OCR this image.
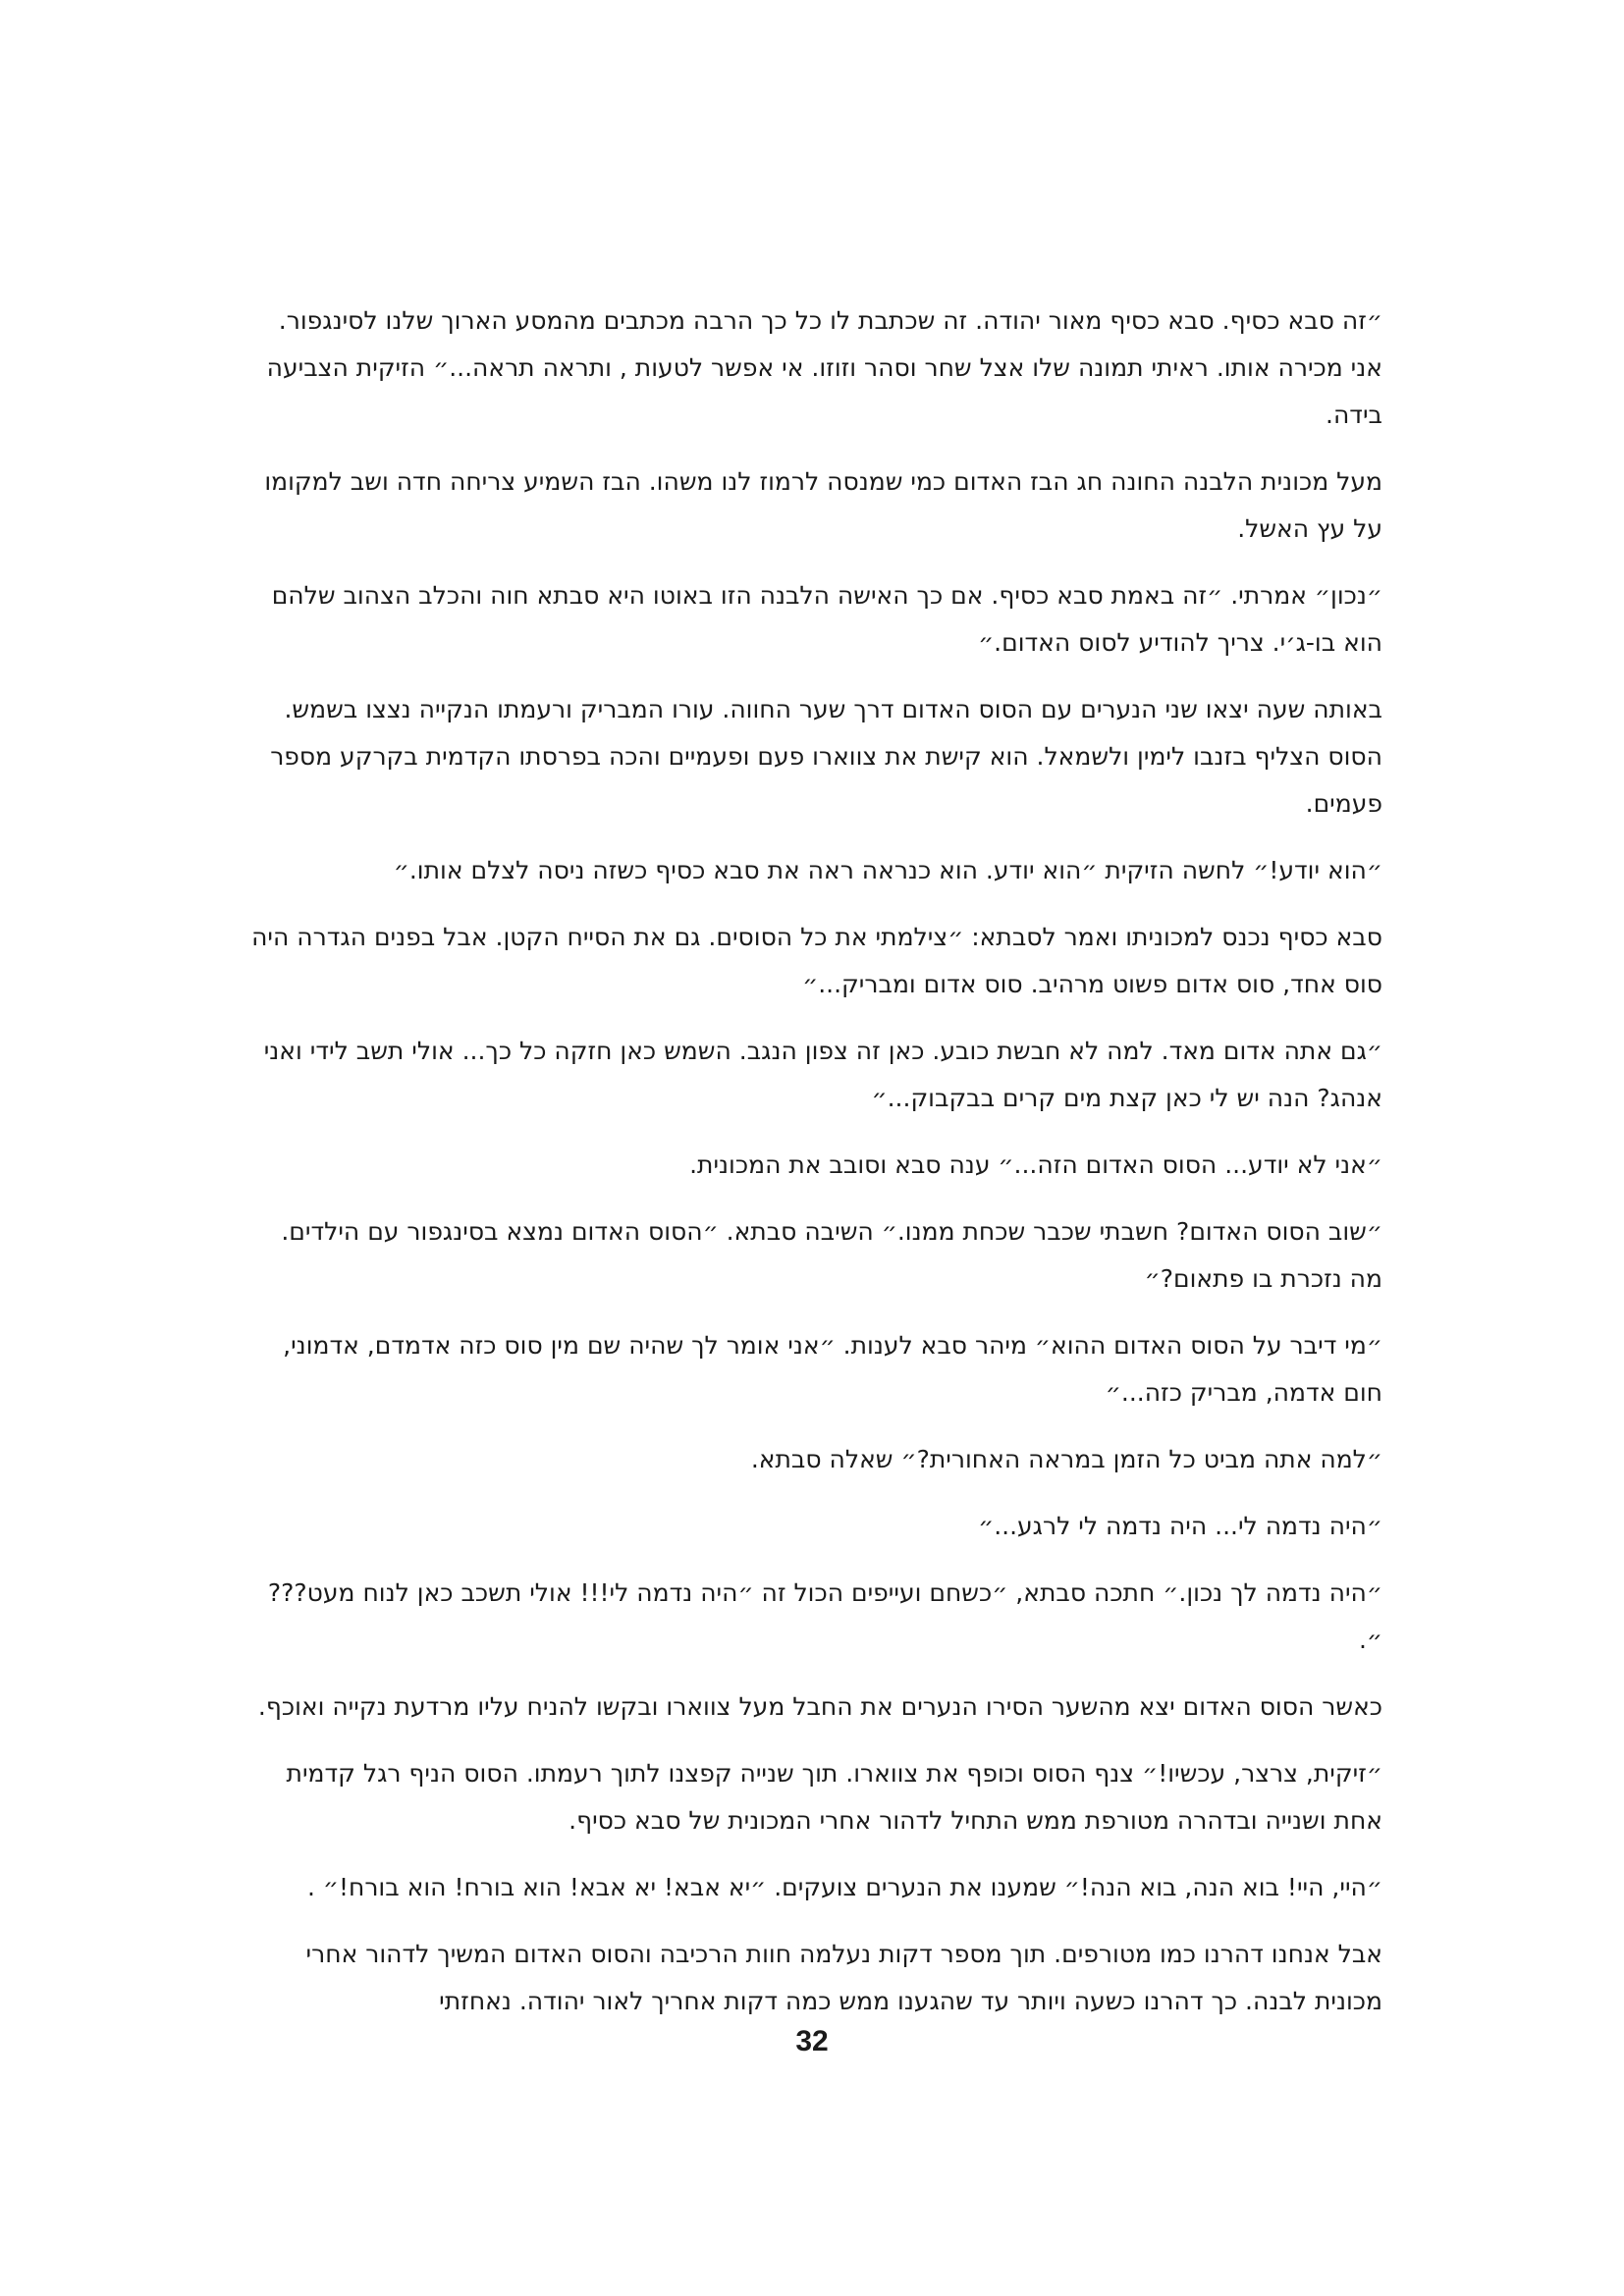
״זה סבא כסיף. סבא כסיף מאור יהודה. זה שכתבת לו כל כך הרבה מכתבים מהמסע הארוך שלנו לסינגפור. אני מכירה אותו. ראיתי תמונה שלו אצל שחר וסהר וזוזו. אי אפשר לטעות , ותראה תראה...״ הזיקית הצביעה בידה.

מעל מכונית הלבנה החונה חג הבז האדום כמי שמנסה לרמוז לנו משהו. הבז השמיע צריחה חדה ושב למקומו על עץ האשל.

״נכון״ אמרתי. ״זה באמת סבא כסיף. אם כך האישה הלבנה הזו באוטו היא סבתא חוה והכלב הצהוב שלהם הוא בו-ג׳י. צריך להודיע לסוס האדום.״

באותה שעה יצאו שני הנערים עם הסוס האדום דרך שער החווה. עורו המבריק ורעמתו הנקייה נצצו בשמש. הסוס הצליף בזנבו לימין ולשמאל. הוא קישת את צווארו פעם ופעמיים והכה בפרסתו הקדמית בקרקע מספר פעמים.

״הוא יודע!״ לחשה הזיקית ״הוא יודע. הוא כנראה ראה את סבא כסיף כשזה ניסה לצלם אותו.״

סבא כסיף נכנס למכוניתו ואמר לסבתא: ״צילמתי את כל הסוסים. גם את הסייח הקטן. אבל בפנים הגדרה היה סוס אחד, סוס אדום פשוט מרהיב. סוס אדום ומבריק...״

״גם אתה אדום מאד. למה לא חבשת כובע. כאן זה צפון הנגב. השמש כאן חזקה כל כך... אולי תשב לידי ואני אנהג? הנה יש לי כאן קצת מים קרים בבקבוק...״

״אני לא יודע... הסוס האדום הזה...״ ענה סבא וסובב את המכונית.

״שוב הסוס האדום? חשבתי שכבר שכחת ממנו.״ השיבה סבתא. ״הסוס האדום נמצא בסינגפור עם הילדים. מה נזכרת בו פתאום?״

״מי דיבר על הסוס האדום ההוא״ מיהר סבא לענות. ״אני אומר לך שהיה שם מין סוס כזה אדמדם, אדמוני, חום אדמה, מבריק כזה...״

״למה אתה מביט כל הזמן במראה האחורית?״ שאלה סבתא.

״היה נדמה לי... היה נדמה לי לרגע...״

״היה נדמה לך נכון.״ חתכה סבתא, ״כשחם ועייפים הכול זה ״היה נדמה לי!!! אולי תשכב כאן לנוח מעט???״.

כאשר הסוס האדום יצא מהשער הסירו הנערים את החבל מעל צווארו ובקשו להניח עליו מרדעת נקייה ואוכף.

״זיקית, צרצר, עכשיו!״ צנף הסוס וכופף את צווארו. תוך שנייה קפצנו לתוך רעמתו. הסוס הניף רגל קדמית אחת ושנייה ובדהרה מטורפת ממש התחיל לדהור אחרי המכונית של סבא כסיף.

״היי, היי! בוא הנה, בוא הנה!״ שמענו את הנערים צועקים. ״יא אבא! יא אבא! הוא בורח! הוא בורח!״ .

אבל אנחנו דהרנו כמו מטורפים. תוך מספר דקות נעלמה חוות הרכיבה והסוס האדום המשיך לדהור אחרי מכונית לבנה. כך דהרנו כשעה ויותר עד שהגענו ממש כמה דקות אחריך לאור יהודה. נאחזתי

32
